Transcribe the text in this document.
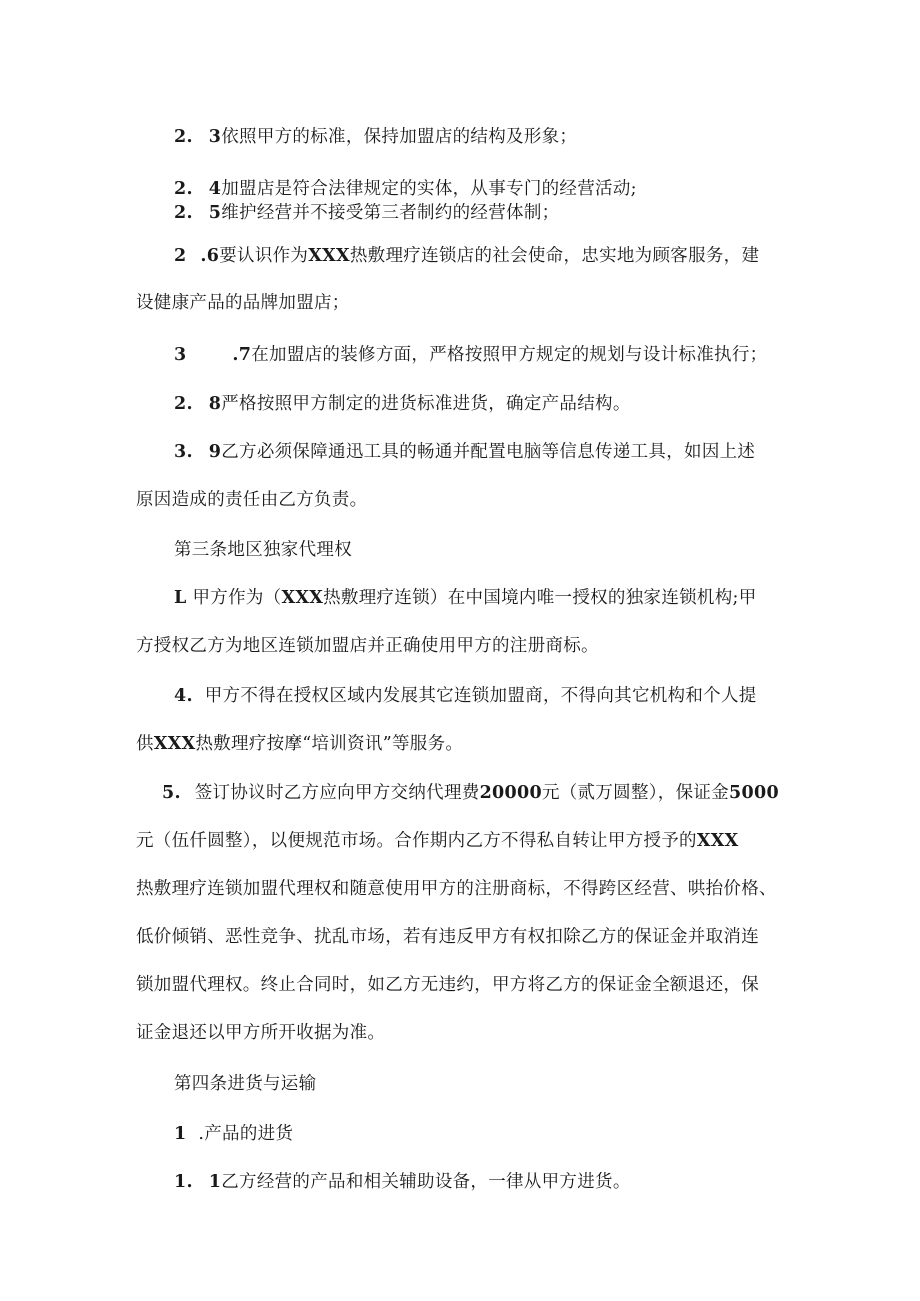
2. 3依照甲方的标准，保持加盟店的结构及形象；
2. 4加盟店是符合法律规定的实体，从事专门的经营活动;
2. 5维护经营并不接受第三者制约的经营体制；
2 .6要认识作为XXX热敷理疗连锁店的社会使命，忠实地为顾客服务，建
设健康产品的品牌加盟店；
3	.7在加盟店的装修方面，严格按照甲方规定的规划与设计标准执行；
2. 8严格按照甲方制定的进货标准进货，确定产品结构。
3. 9乙方必须保障通迅工具的畅通并配置电脑等信息传递工具，如因上述
原因造成的责任由乙方负责。
第三条地区独家代理权
L 甲方作为（XXX热敷理疗连锁）在中国境内唯一授权的独家连锁机构;甲
方授权乙方为地区连锁加盟店并正确使用甲方的注册商标。
4. 甲方不得在授权区域内发展其它连锁加盟商，不得向其它机构和个人提
供XXX热敷理疗按摩“培训资讯”等服务。
5. 签订协议时乙方应向甲方交纳代理费20000元（贰万圆整），保证金5000
元（伍仟圆整），以便规范市场。合作期内乙方不得私自转让甲方授予的XXX
热敷理疗连锁加盟代理权和随意使用甲方的注册商标，不得跨区经营、哄抬价格、
低价倾销、恶性竞争、扰乱市场，若有违反甲方有权扣除乙方的保证金并取消连
锁加盟代理权。终止合同时，如乙方无违约，甲方将乙方的保证金全额退还，保
证金退还以甲方所开收据为准。
第四条进货与运输
1 .产品的进货
1. 1乙方经营的产品和相关辅助设备，一律从甲方进货。
